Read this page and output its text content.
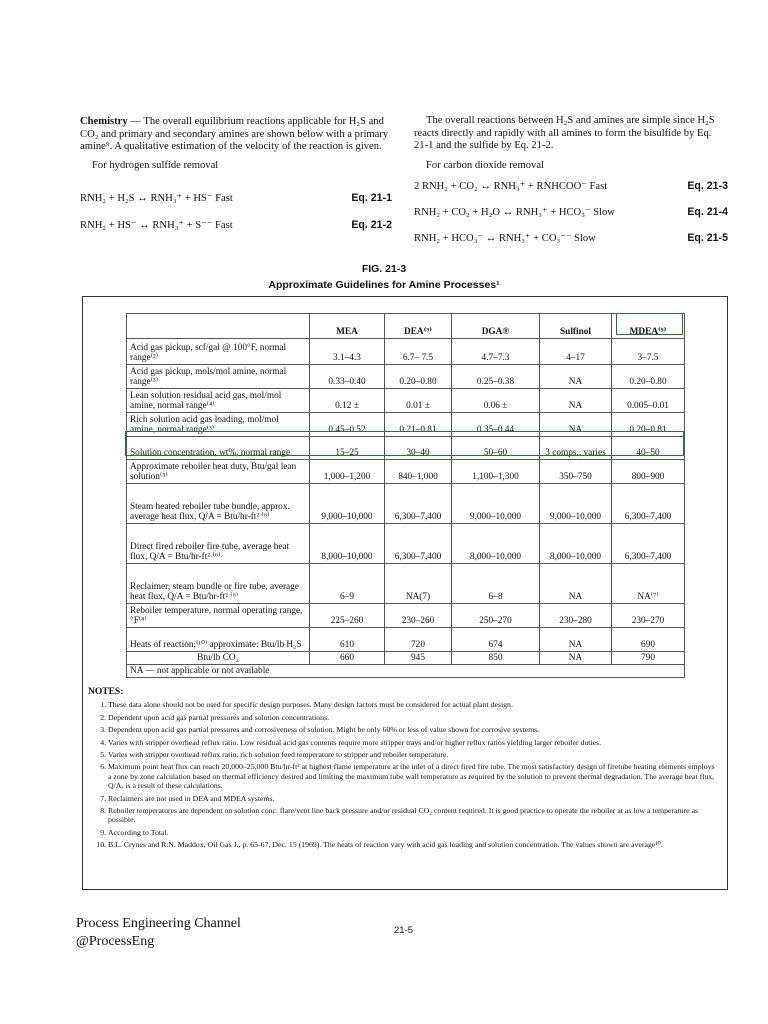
Chemistry — The overall equilibrium reactions applicable for H₂S and CO₂ and primary and secondary amines are shown below with a primary amine⁹. A qualitative estimation of the velocity of the reaction is given.

For hydrogen sulfide removal

RNH₂ + H₂S ↔ RNH₃⁺ + HS⁻ Fast	Eq. 21-1
RNH₂ + HS⁻ ↔ RNH₃⁺ + S⁻⁻ Fast	Eq. 21-2

The overall reactions between H₂S and amines are simple since H₂S reacts directly and rapidly with all amines to form the bisulfide by Eq. 21-1 and the sulfide by Eq. 21-2.

For carbon dioxide removal

2 RNH₂ + CO₂ ↔ RNH₃⁺ + RNHCOO⁻ Fast	Eq. 21-3
RNH₂ + CO₂ + H₂O ↔ RNH₃⁺ + HCO₃⁻ Slow	Eq. 21-4
RNH₂ + HCO₃⁻ ↔ RNH₃⁺ + CO₃⁻⁻ Slow	Eq. 21-5
FIG. 21-3
Approximate Guidelines for Amine Processes¹
	MEA	DEA⁽⁹⁾	DGA®	Sulfinol	MDEA⁽⁹⁾
Acid gas pickup, scf/gal @ 100°F, normal range⁽²⁾	3.1–4.3	6.7– 7.5	4.7–7.3	4–17	3–7.5
Acid gas pickup, mols/mol amine, normal range⁽³⁾	0.33–0.40	0.20–0.80	0.25–0.38	NA	0.20–0.80
Lean solution residual acid gas, mol/mol amine, normal range⁽⁴⁾	0.12 ±	0.01 ±	0.06 ±	NA	0.005–0.01
Rich solution acid gas loading, mol/mol amine, normal range⁽³⁾	0.45–0.52	0.21–0.81	0.35–0.44	NA	0.20–0.81
Solution concentration, wt%, normal range	15–25	30–40	50–60	3 comps., varies	40–50
Approximate reboiler heat duty, Btu/gal lean solution⁽⁵⁾	1,000–1,200	840–1,000	1,100–1,300	350–750	800–900
Steam heated reboiler tube bundle, approx. average heat flux, Q/A = Btu/hr-ft² ⁽⁶⁾	9,000–10,000	6,300–7,400	9,000–10,000	9,000–10,000	6,300–7,400
Direct fired reboiler fire tube, average heat flux, Q/A = Btu/hr-ft² ⁽⁶⁾	8,000–10,000	6,300–7,400	8,000–10,000	8,000–10,000	6,300–7,400
Reclaimer, steam bundle or fire tube, average heat flux, Q/A = Btu/hr-ft² ⁽⁶⁾	6–9	NA(7)	6–8	NA	NA⁽⁷⁾
Reboiler temperature, normal operating range, °F⁽⁸⁾	225–260	230–260	250–270	230–280	230–270
Heats of reaction;⁽¹⁰⁾ approximate: Btu/lb H₂S	610	720	674	NA	690
Btu/lb CO₂	660	945	850	NA	790
NA — not applicable or not available					
NOTES:
1. These data alone should not be used for specific design purposes. Many design factors must be considered for actual plant design.
2. Dependent upon acid gas partial pressures and solution concentrations.
3. Dependent upon acid gas partial pressures and corrosiveness of solution. Might be only 60% or less of value shown for corrosive systems.
4. Varies with stripper overhead reflux ratio. Low residual acid gas contents require more stripper trays and/or higher reflux ratios yielding larger reboiler duties.
5. Varies with stripper overhead reflux ratio, rich solution feed temperature to stripper and reboiler temperature.
6. Maximum point heat flux can reach 20,000–25,000 Btu/hr-ft² at highest flame temperature at the inlet of a direct fired fire tube. The most satisfactory design of firetube heating elements employs a zone by zone calculation based on thermal efficiency desired and limiting the maximum tube wall temperature as required by the solution to prevent thermal degradation. The average heat flux, Q/A, is a result of these calculations.
7. Reclaimers are not used in DEA and MDEA systems.
8. Reboiler temperatures are dependent on solution conc. flare/vent line back pressure and/or residual CO₂ content required. It is good practice to operate the reboiler at as low a temperature as possible.
9. According to Total.
10. B.L. Crynes and R.N. Maddox, Oil Gas J., p. 65-67, Dec. 15 (1969). The heats of reaction vary with acid gas loading and solution concentration. The values shown are average¹⁰.
Process Engineering Channel
@ProcessEng
21-5
